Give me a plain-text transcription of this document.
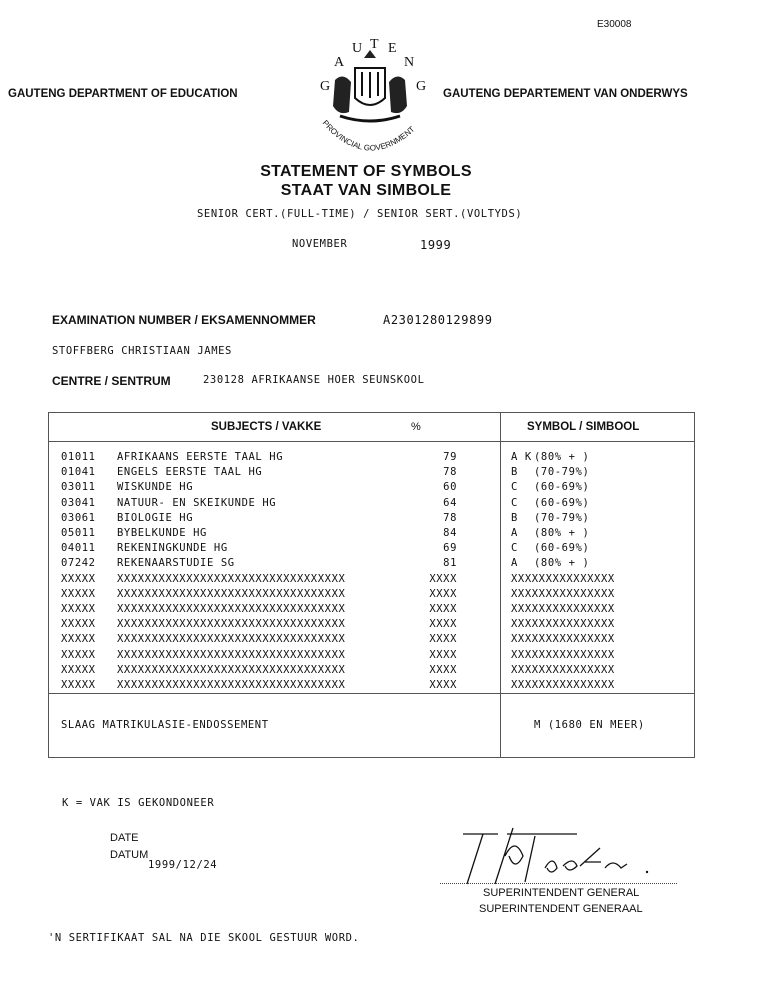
E30008
GAUTENG DEPARTMENT OF EDUCATION	GAUTENG DEPARTEMENT VAN ONDERWYS
G
A
U T E
N
G
PROVINCIAL GOVERNMENT
STATEMENT OF SYMBOLS
STAAT VAN SIMBOLE
SENIOR CERT.(FULL-TIME) / SENIOR SERT.(VOLTYDS)
NOVEMBER	1999
EXAMINATION NUMBER / EKSAMENNOMMER	A2301280129899
STOFFBERG CHRISTIAAN JAMES
CENTRE / SENTRUM	230128 AFRIKAANSE HOER SEUNSKOOL
SUBJECTS / VAKKE	%	SYMBOL / SIMBOOL
01011 AFRIKAANS EERSTE TAAL HG	79	A K (80% + )
01041 ENGELS EERSTE TAAL HG	78	B (70-79%)
03011 WISKUNDE HG	60	C (60-69%)
03041 NATUUR- EN SKEIKUNDE HG	64	C (60-69%)
03061 BIOLOGIE HG	78	B (70-79%)
05011 BYBELKUNDE HG	84	A (80% + )
04011 REKENINGKUNDE HG	69	C (60-69%)
07242 REKENAARSTUDIE SG	81	A (80% + )
XXXXX XXXXXXXXXXXXXXXXXXXXXXXXXXXXXXXXX	XXXX	XXXXXXXXXXXXXXX
XXXXX XXXXXXXXXXXXXXXXXXXXXXXXXXXXXXXXX	XXXX	XXXXXXXXXXXXXXX
XXXXX XXXXXXXXXXXXXXXXXXXXXXXXXXXXXXXXX	XXXX	XXXXXXXXXXXXXXX
XXXXX XXXXXXXXXXXXXXXXXXXXXXXXXXXXXXXXX	XXXX	XXXXXXXXXXXXXXX
XXXXX XXXXXXXXXXXXXXXXXXXXXXXXXXXXXXXXX	XXXX	XXXXXXXXXXXXXXX
XXXXX XXXXXXXXXXXXXXXXXXXXXXXXXXXXXXXXX	XXXX	XXXXXXXXXXXXXXX
XXXXX XXXXXXXXXXXXXXXXXXXXXXXXXXXXXXXXX	XXXX	XXXXXXXXXXXXXXX
XXXXX XXXXXXXXXXXXXXXXXXXXXXXXXXXXXXXXX	XXXX	XXXXXXXXXXXXXXX
SLAAG MATRIKULASIE-ENDOSSEMENT	M (1680 EN MEER)
K = VAK IS GEKONDONEER
DATE
DATUM
1999/12/24
SUPERINTENDENT GENERAL
SUPERINTENDENT GENERAAL
'N SERTIFIKAAT SAL NA DIE SKOOL GESTUUR WORD.
